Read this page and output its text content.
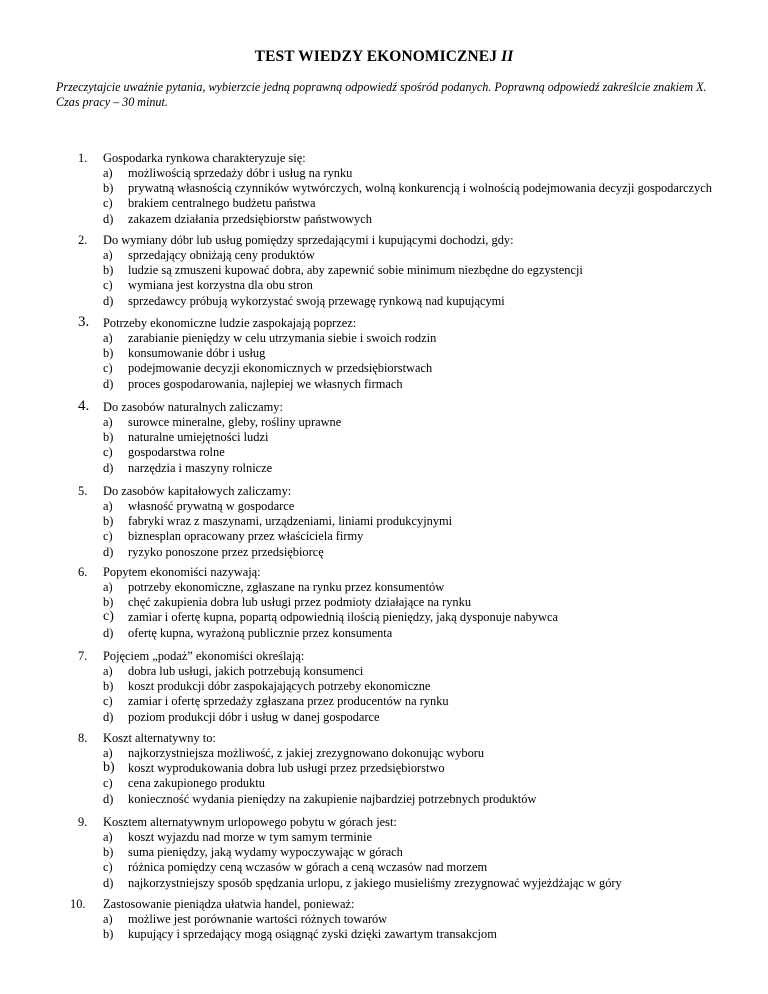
TEST WIEDZY EKONOMICZNEJ II

Przeczytajcie uważnie pytania, wybierzcie jedną poprawną odpowiedź spośród podanych. Poprawną odpowiedź zakreślcie znakiem X.

Czas pracy – 30 minut.

1.	Gospodarka rynkowa charakteryzuje się:
a) możliwością sprzedaży dóbr i usług na rynku
b) prywatną własnością czynników wytwórczych, wolną konkurencją i wolnością podejmowania decyzji gospodarczych
c) brakiem centralnego budżetu państwa
d) zakazem działania przedsiębiorstw państwowych
2.	Do wymiany dóbr lub usług pomiędzy sprzedającymi i kupującymi dochodzi, gdy:
a) sprzedający obniżają ceny produktów
b) ludzie są zmuszeni kupować dobra, aby zapewnić sobie minimum niezbędne do egzystencji
c) wymiana jest korzystna dla obu stron
d) sprzedawcy próbują wykorzystać swoją przewagę rynkową nad kupującymi
3.	Potrzeby ekonomiczne ludzie zaspokajają poprzez:
a) zarabianie pieniędzy w celu utrzymania siebie i swoich rodzin
b) konsumowanie dóbr i usług
c) podejmowanie decyzji ekonomicznych w przedsiębiorstwach
d) proces gospodarowania, najlepiej we własnych firmach
4.	Do zasobów naturalnych zaliczamy:
a) surowce mineralne, gleby, rośliny uprawne
b) naturalne umiejętności ludzi
c) gospodarstwa rolne
d) narzędzia i maszyny rolnicze
5.	Do zasobów kapitałowych zaliczamy:
a) własność prywatną w gospodarce
b) fabryki wraz z maszynami, urządzeniami, liniami produkcyjnymi
c) biznesplan opracowany przez właściciela firmy
d) ryzyko ponoszone przez przedsiębiorcę
6.	Popytem ekonomiści nazywają:
a) potrzeby ekonomiczne, zgłaszane na rynku przez konsumentów
b) chęć zakupienia dobra lub usługi przez podmioty działające na rynku
c) zamiar i ofertę kupna, popartą odpowiednią ilością pieniędzy, jaką dysponuje nabywca
d) ofertę kupna, wyrażoną publicznie przez konsumenta
7.	Pojęciem „podaż” ekonomiści określają:
a) dobra lub usługi, jakich potrzebują konsumenci
b) koszt produkcji dóbr zaspokajających potrzeby ekonomiczne
c) zamiar i ofertę sprzedaży zgłaszana przez producentów na rynku
d) poziom produkcji dóbr i usług w danej gospodarce
8.	Koszt alternatywny to:
a) najkorzystniejsza możliwość, z jakiej zrezygnowano dokonując wyboru
b) koszt wyprodukowania dobra lub usługi przez przedsiębiorstwo
c) cena zakupionego produktu
d) konieczność wydania pieniędzy na zakupienie najbardziej potrzebnych produktów
9.	Kosztem alternatywnym urlopowego pobytu w górach jest:
a) koszt wyjazdu nad morze w tym samym terminie
b) suma pieniędzy, jaką wydamy wypoczywając w górach
c) różnica pomiędzy ceną wczasów w górach a ceną wczasów nad morzem
d) najkorzystniejszy sposób spędzania urlopu, z jakiego musieliśmy zrezygnować wyjeżdżając w góry
10.	Zastosowanie pieniądza ułatwia handel, ponieważ:
a) możliwe jest porównanie wartości różnych towarów
b) kupujący i sprzedający mogą osiągnąć zyski dzięki zawartym transakcjom
